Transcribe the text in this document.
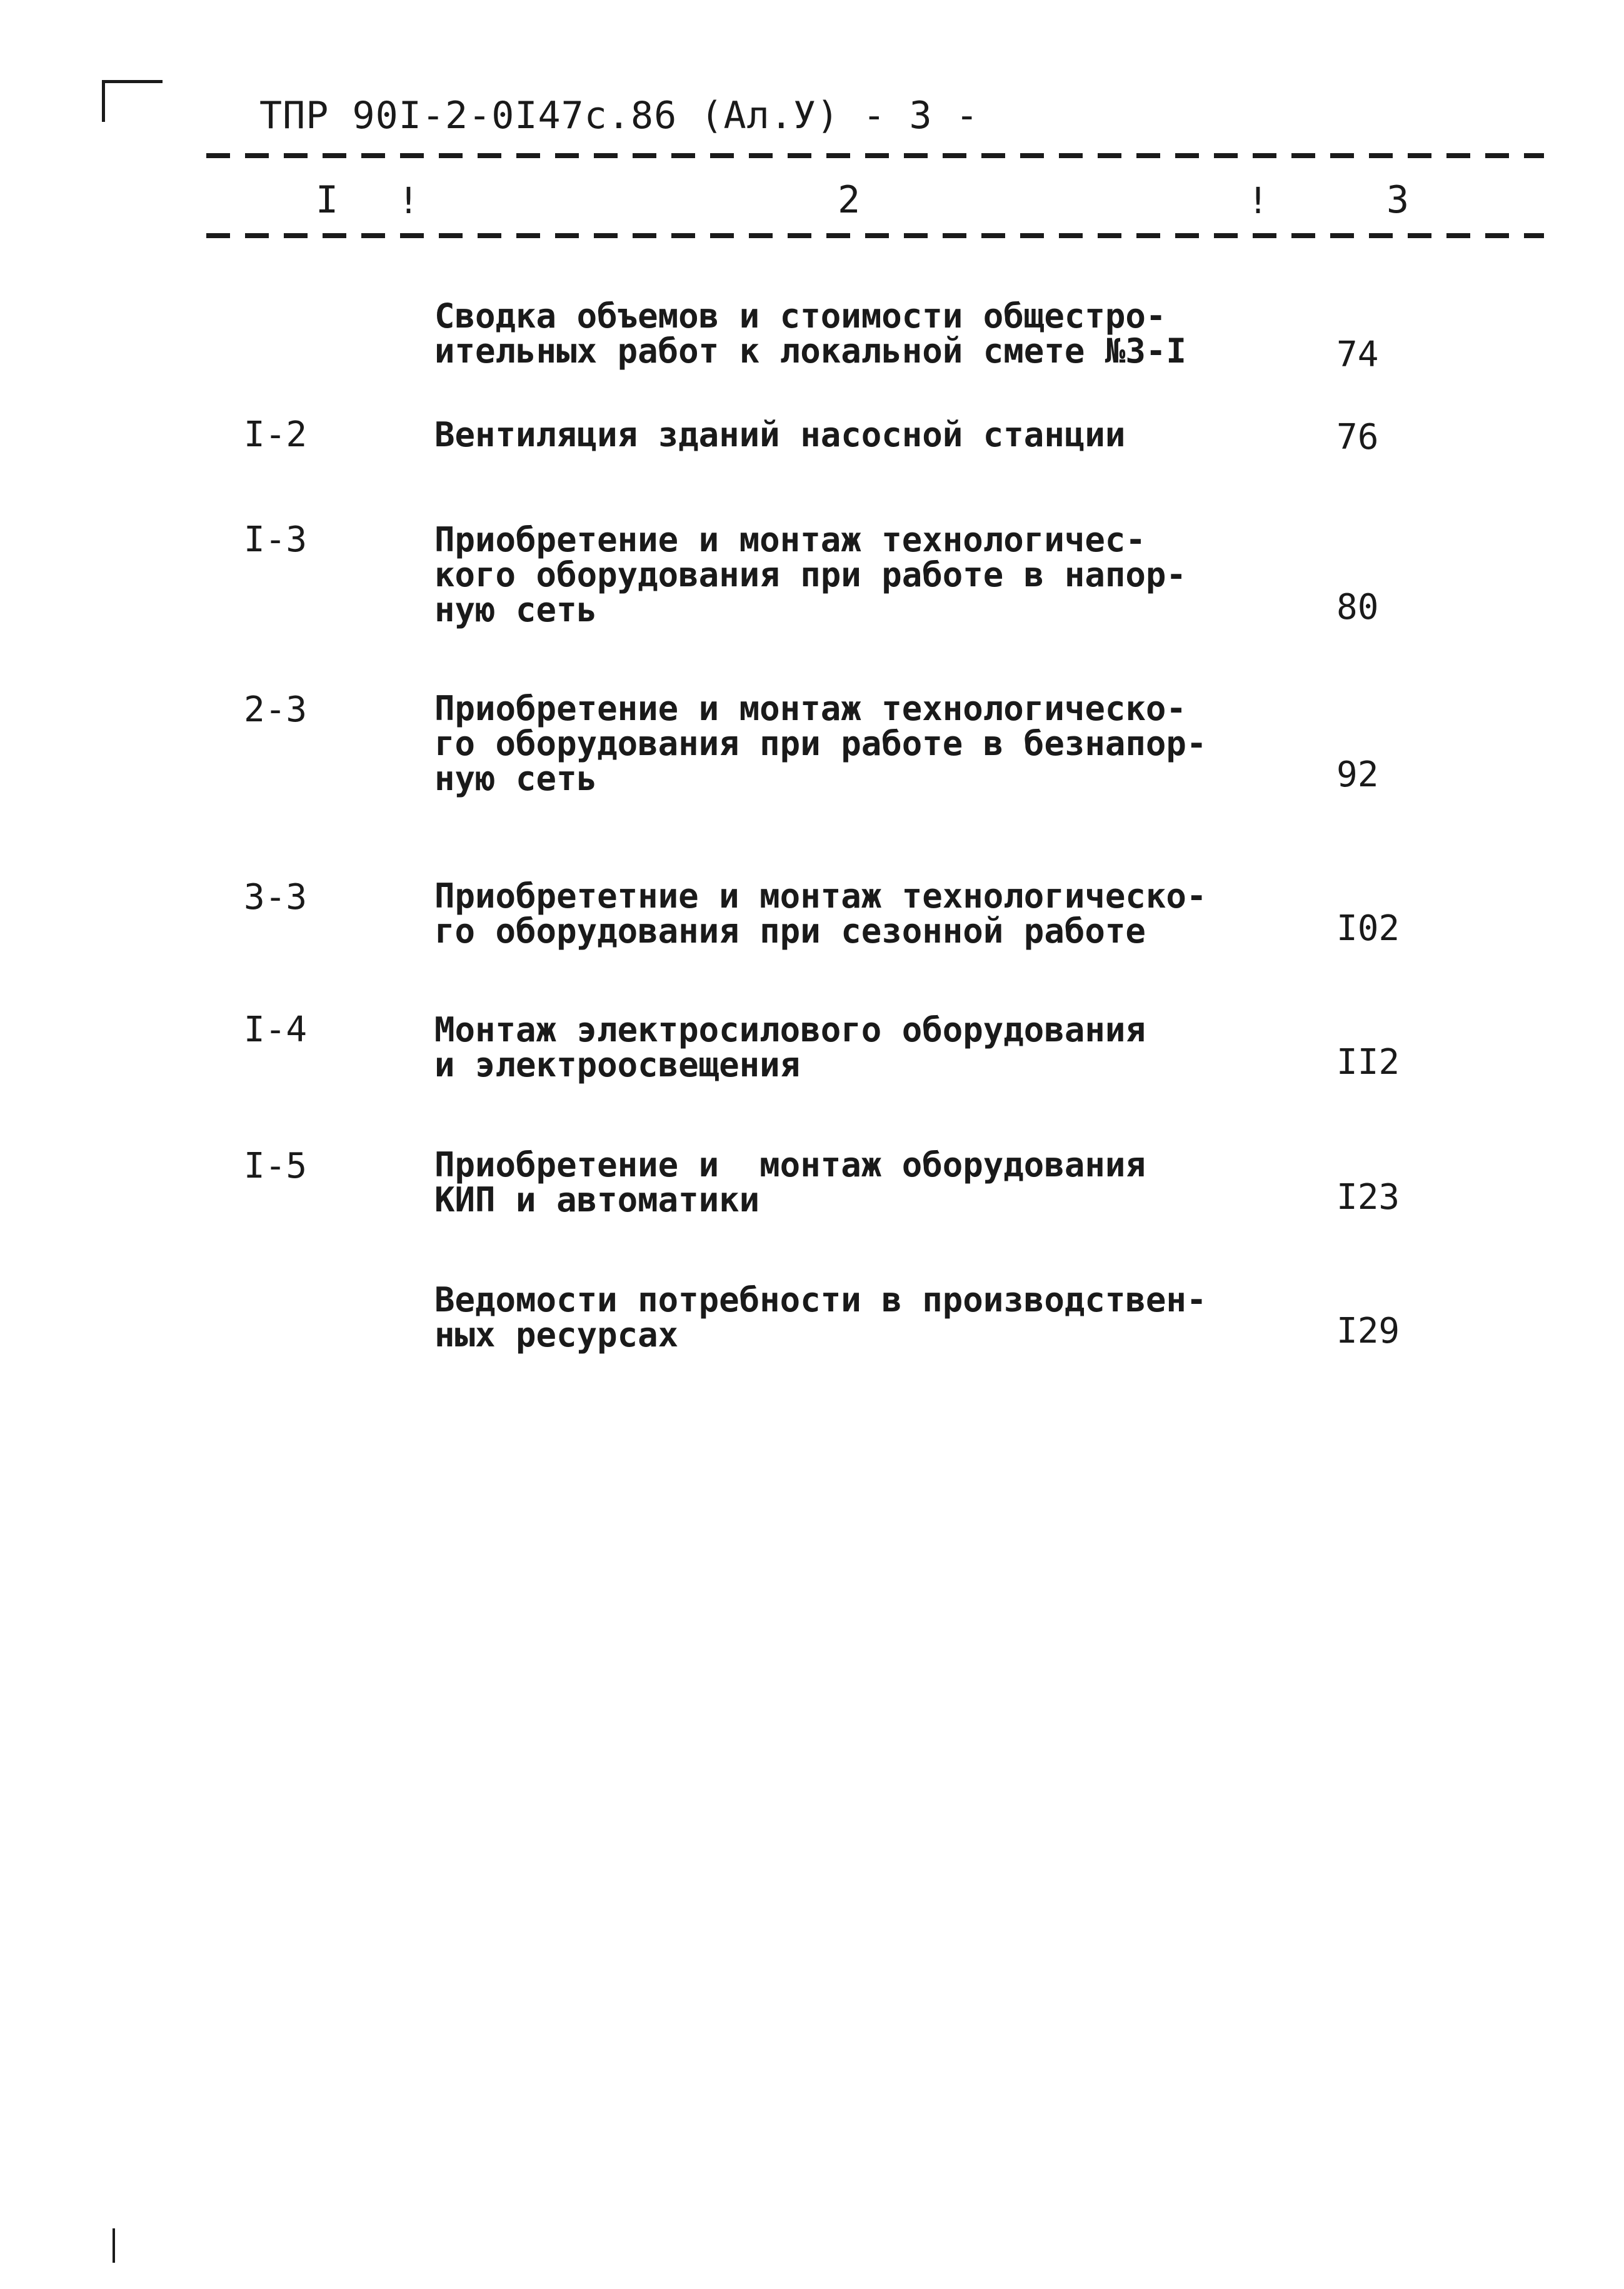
ТПР 90I-2-0I47c.86 (Ал.У) - 3 -
I !	2	!	3
Сводка объемов и стоимости общестро-
ительных работ к локальной смете №3-I	74
I-2	Вентиляция зданий насосной станции	76
I-3	Приобретение и монтаж технологичес-
кого оборудования при работе в напор-
ную сеть	80
2-3	Приобретение и монтаж технологическо-
го оборудования при работе в безнапор-
ную сеть	92
3-3	Приобрететние и монтаж технологическо-
го оборудования при сезонной работе	I02
I-4	Монтаж электросилового оборудования
и электроосвещения	II2
I-5	Приобретение и  монтаж оборудования
КИП и автоматики	I23
Ведомости потребности в производствен-
ных ресурсах	I29
